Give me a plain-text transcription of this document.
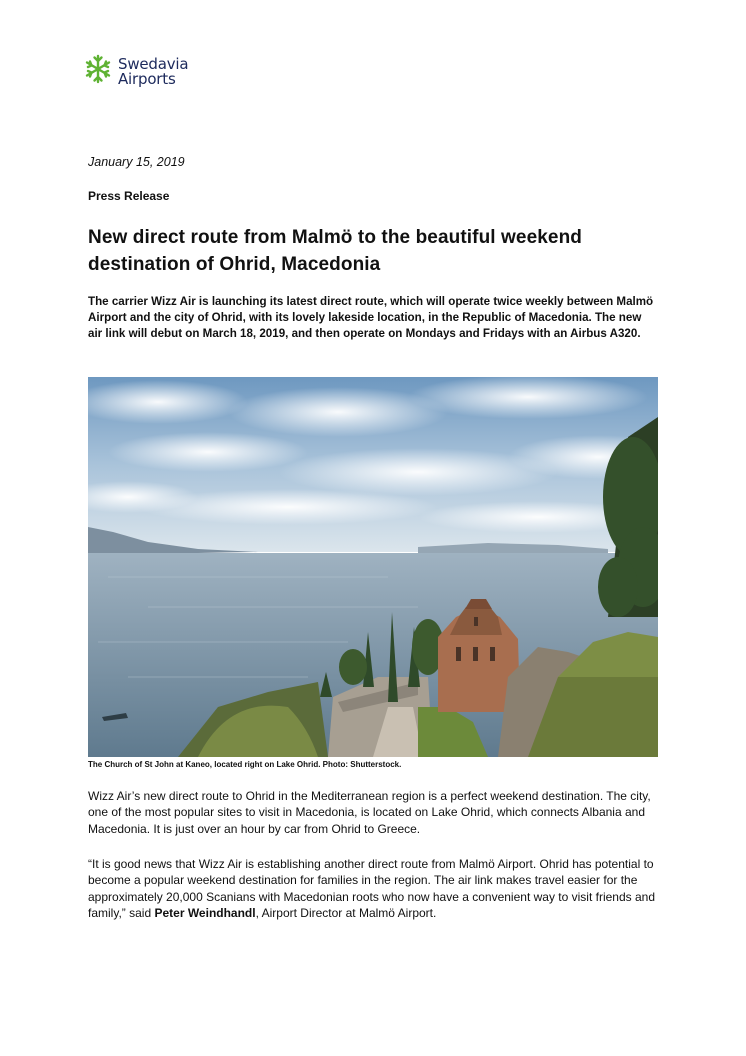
Swedavia
Airports
January 15, 2019
Press Release
New direct route from Malmö to the beautiful weekend destination of Ohrid, Macedonia

The carrier Wizz Air is launching its latest direct route, which will operate twice weekly between Malmö Airport and the city of Ohrid, with its lovely lakeside location, in the Republic of Macedonia. The new air link will debut on March 18, 2019, and then operate on Mondays and Fridays with an Airbus A320.

The Church of St John at Kaneo, located right on Lake Ohrid. Photo: Shutterstock.

Wizz Air’s new direct route to Ohrid in the Mediterranean region is a perfect weekend destination. The city, one of the most popular sites to visit in Macedonia, is located on Lake Ohrid, which connects Albania and Macedonia. It is just over an hour by car from Ohrid to Greece.

“It is good news that Wizz Air is establishing another direct route from Malmö Airport. Ohrid has potential to become a popular weekend destination for families in the region. The air link makes travel easier for the approximately 20,000 Scanians with Macedonian roots who now have a convenient way to visit friends and family,” said Peter Weindhandl, Airport Director at Malmö Airport.
